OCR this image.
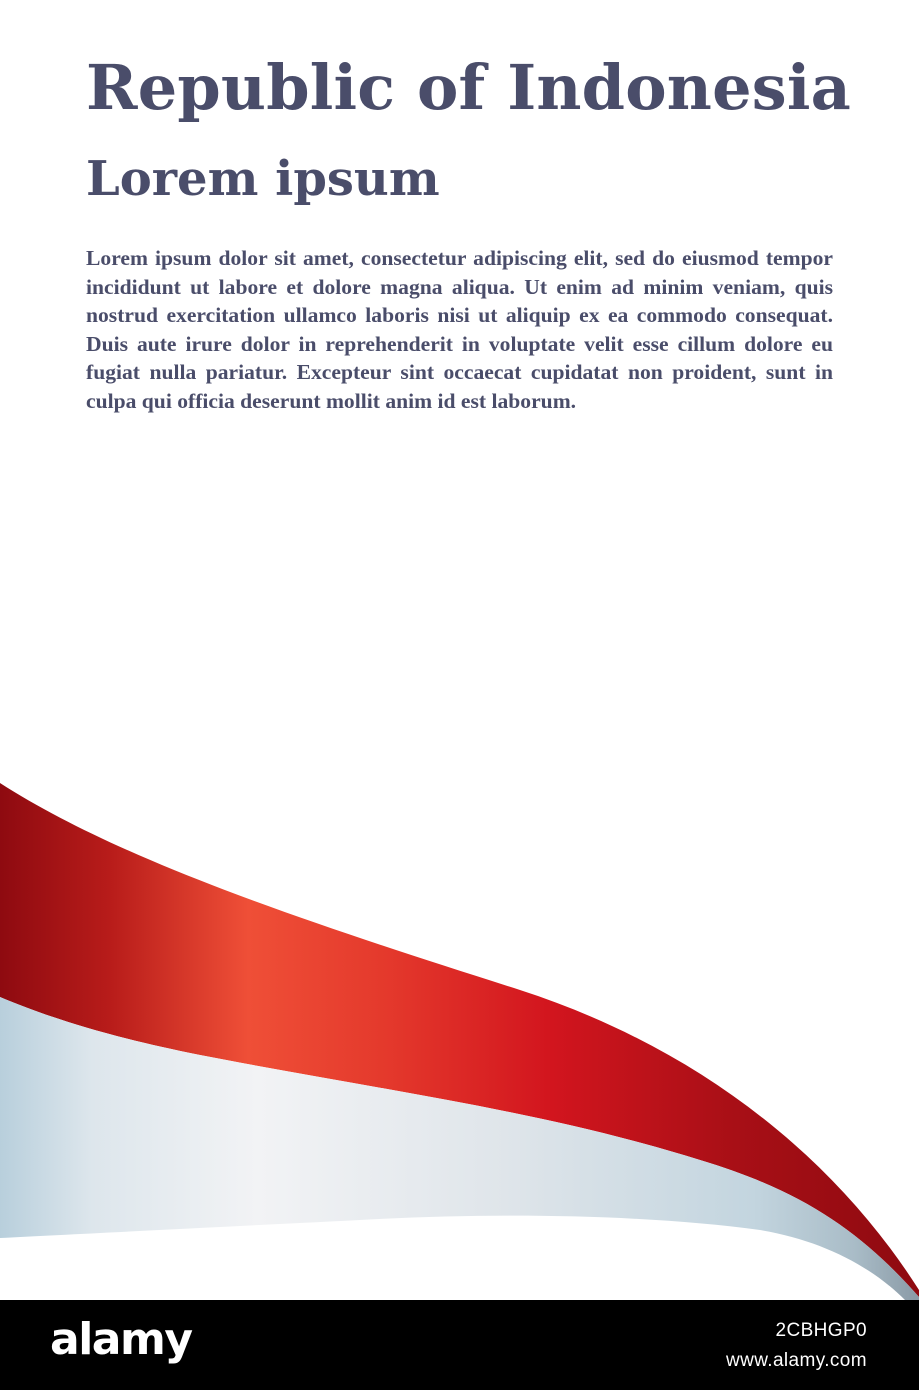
Republic of Indonesia
Lorem ipsum

Lorem ipsum dolor sit amet, consectetur adipiscing elit, sed do eiusmod tempor incididunt ut labore et dolore magna aliqua. Ut enim ad minim veniam, quis nostrud exercitation ullamco laboris nisi ut aliquip ex ea commodo consequat. Duis aute irure dolor in reprehenderit in voluptate velit esse cillum dolore eu fugiat nulla pariatur. Excepteur sint occaecat cupidatat non proident, sunt in culpa qui officia deserunt mollit anim id est laborum.

alamy	2CBHGP0
www.alamy.com
